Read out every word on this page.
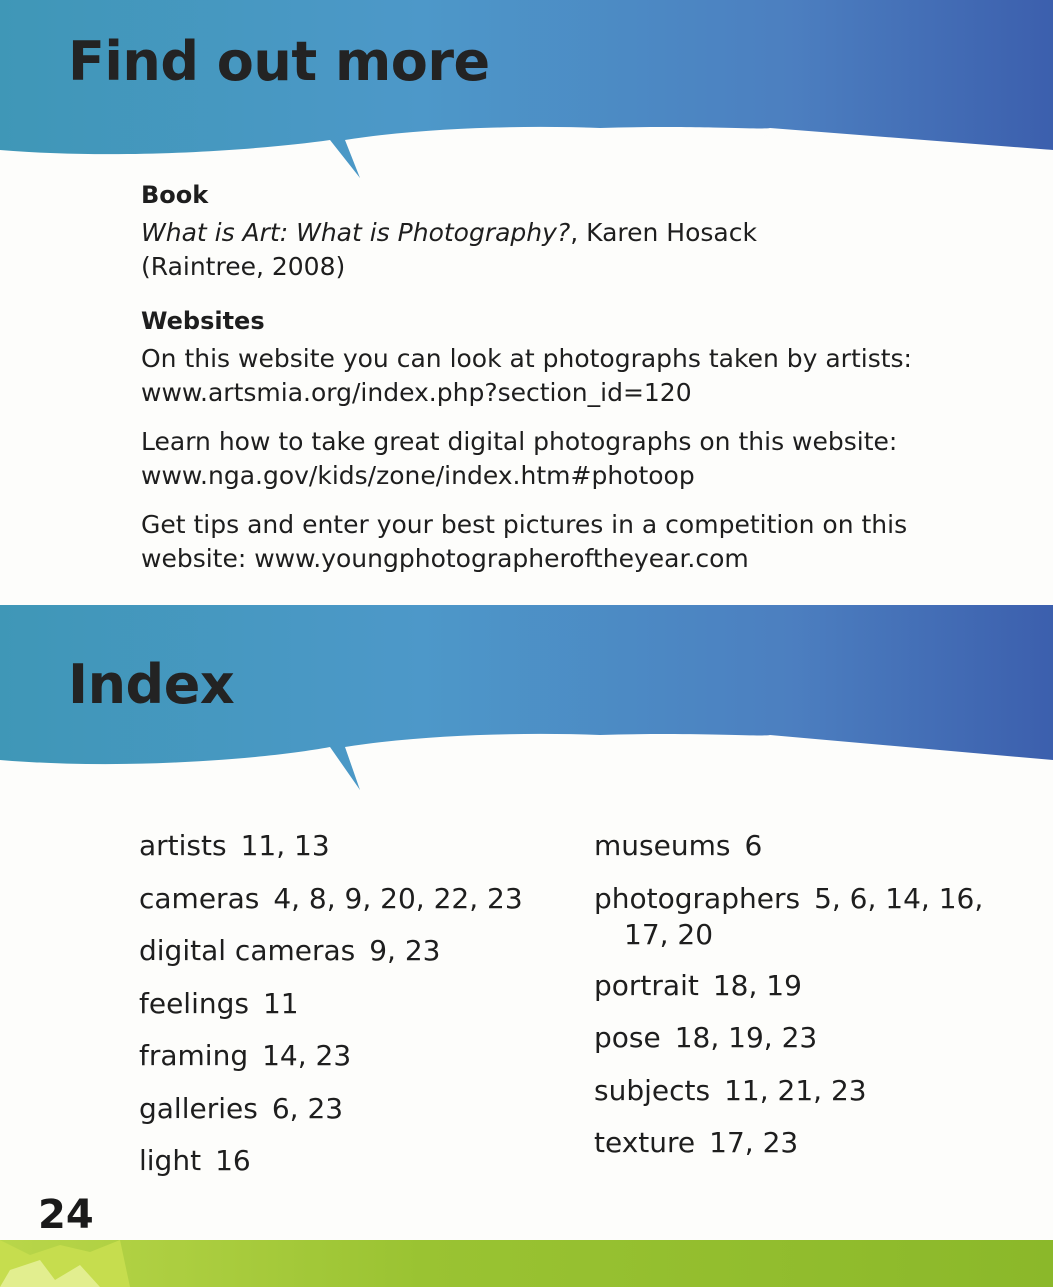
Find out more

Book

What is Art: What is Photography?, Karen Hosack
(Raintree, 2008)

Websites

On this website you can look at photographs taken by artists:
www.artsmia.org/index.php?section_id=120

Learn how to take great digital photographs on this website:
www.nga.gov/kids/zone/index.htm#photoop

Get tips and enter your best pictures in a competition on this
website: www.youngphotographeroftheyear.com

Index

artists 11, 13

cameras 4, 8, 9, 20, 22, 23

digital cameras 9, 23

feelings 11

framing 14, 23

galleries 6, 23

light 16

museums 6

photographers 5, 6, 14, 16, 17, 20

portrait 18, 19

pose 18, 19, 23

subjects 11, 21, 23

texture 17, 23

24
